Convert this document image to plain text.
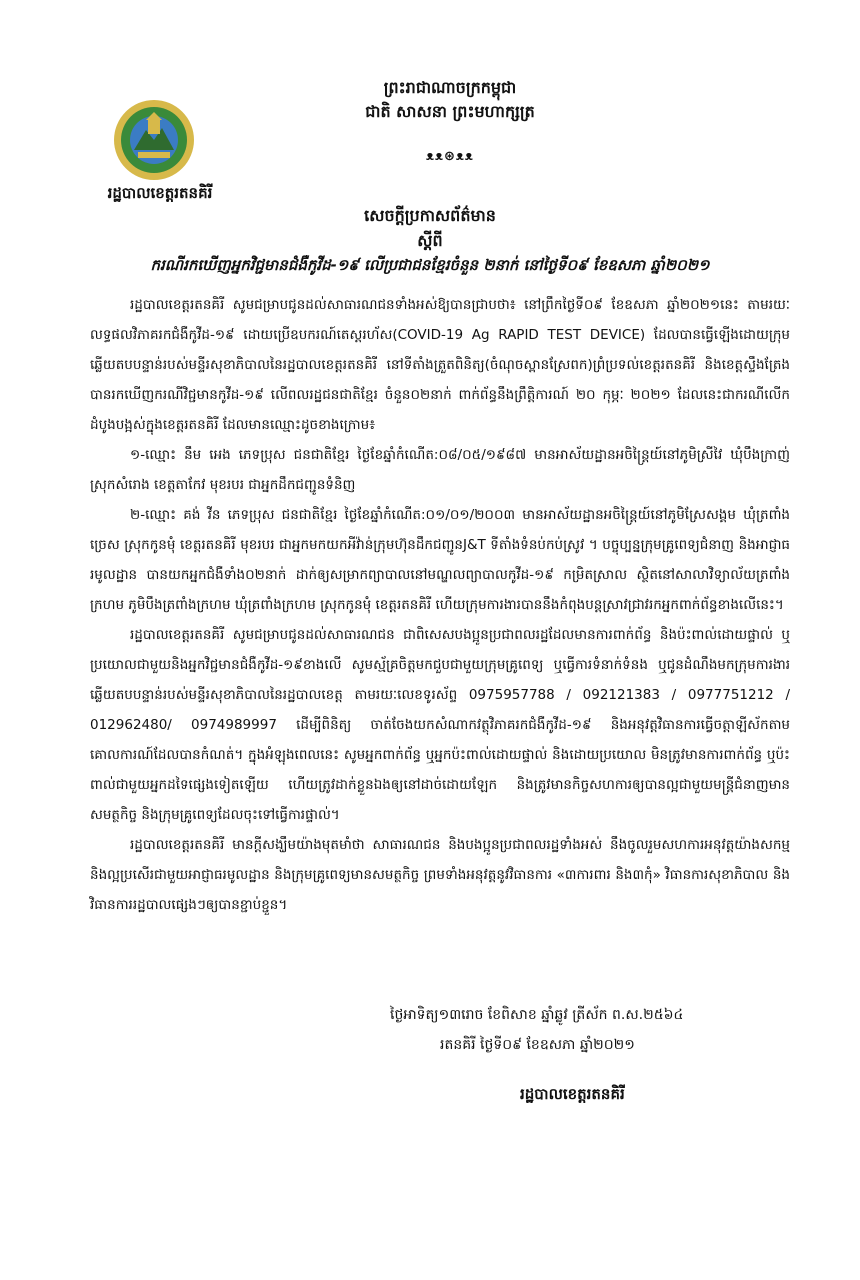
រដ្ឋបាលខេត្តរតនគិរី
ព្រះរាជាណាចក្រកម្ពុជា
ជាតិ សាសនា ព្រះមហាក្សត្រ
ᴥᴥ⊛ᴥᴥ
សេចក្តីប្រកាសព័ត៌មាន
ស្តីពី
ករណីរកឃើញអ្នកវិជ្ជមានជំងឺកូវីដ-១៩ លើប្រជាជនខ្មែរចំនួន ២នាក់ នៅថ្ងៃទី០៩ ខែឧសភា ឆ្នាំ២០២១

រដ្ឋបាលខេត្តរតនគិរី សូមជម្រាបជូនដល់សាធារណជនទាំងអស់ឱ្យបានជ្រាបថា៖ នៅព្រឹកថ្ងៃទី០៩ ខែឧសភា ឆ្នាំ២០២១នេះ តាមរយៈលទ្ធផលវិភាគរកជំងឺកូវីដ-១៩ ដោយប្រើឧបករណ៍តេស្តរហ័ស(COVID-19 Ag RAPID TEST DEVICE) ដែលបានធ្វើឡើងដោយក្រុមឆ្លើយតបបន្ទាន់របស់មន្ទីរសុខាភិបាលនៃរដ្ឋបាលខេត្តរតនគិរី នៅទីតាំងត្រួតពិនិត្យ(ចំណុចស្ពានស្រែពក)ព្រំប្រទល់ខេត្តរតនគិរី និងខេត្តស្ទឹងត្រែង បានរកឃើញករណីវិជ្ជមានកូវីដ-១៩ លើពលរដ្ឋជនជាតិខ្មែរ ចំនួន០២នាក់ ពាក់ព័ន្ធនឹងព្រឹត្តិការណ៍ ២០ កុម្ភៈ ២០២១ ដែលនេះជាករណីលើកដំបូងបង្អស់ក្នុងខេត្តរតនគិរី ដែលមានឈ្មោះដូចខាងក្រោម៖

១-ឈ្មោះ នឹម អេង ភេទប្រុស ជនជាតិខ្មែរ ថ្ងៃខែឆ្នាំកំណើត:០៨/០៥/១៩៨៧ មានអាស័យដ្ឋានអចិន្ត្រៃយ៍នៅភូមិស្រីវៃ ឃុំបឹងក្រាញ់ ស្រុកសំរោង ខេត្តតាកែវ មុខរបរ ជាអ្នកដឹកជញ្ជូនទំនិញ

២-ឈ្មោះ គង់ វីន ភេទប្រុស ជនជាតិខ្មែរ ថ្ងៃខែឆ្នាំកំណើត:០១/០១/២០០៣ មានអាស័យដ្ឋានអចិន្ត្រៃយ៍នៅភូមិស្រែសង្គម ឃុំត្រពាំងច្រេស ស្រុកកូនមុំ ខេត្តរតនគិរី មុខរបរ ជាអ្នកមកយកអីវ៉ាន់ក្រុមហ៊ុនដឹកជញ្ជូនJ&T ទីតាំងទំនប់កប់ស្រូវ ។ បច្ចុប្បន្នក្រុមគ្រូពេទ្យជំនាញ និងអាជ្ញាធរមូលដ្ឋាន បានយកអ្នកជំងឺទាំង០២នាក់ ដាក់ឲ្យសម្រាកព្យាបាលនៅមណ្ឌលព្យាបាលកូវីដ-១៩ កម្រិតស្រាល ស្ថិតនៅសាលាវិទ្យាល័យត្រពាំងក្រហម ភូមិបឹងត្រពាំងក្រហម ឃុំត្រពាំងក្រហម ស្រុកកូនមុំ ខេត្តរតនគិរី ហើយក្រុមការងារបាននឹងកំពុងបន្តស្រាវជ្រាវរកអ្នកពាក់ព័ន្ធខាងលើនេះ។

រដ្ឋបាលខេត្តរតនគិរី សូមជម្រាបជូនដល់សាធារណជន ជាពិសេសបងប្អូនប្រជាពលរដ្ឋដែលមានការពាក់ព័ន្ធ និងប៉ះពាល់ដោយផ្ទាល់ ឬប្រយោលជាមួយនិងអ្នកវិជ្ជមានជំងឺកូវីដ-១៩ខាងលើ សូមស្ម័គ្រចិត្តមកជួបជាមួយក្រុមគ្រូពេទ្យ ឬធ្វើការទំនាក់ទំនង ឬជូនដំណឹងមកក្រុមការងារឆ្លើយតបបន្ទាន់របស់មន្ទីរសុខាភិបាលនៃរដ្ឋបាលខេត្ត តាមរយៈលេខទូរស័ព្ទ 0975957788 / 092121383 / 0977751212 / 012962480/ 0974989997 ដើម្បីពិនិត្យ ចាត់ចែងយកសំណាកវត្ថុវិភាគរកជំងឺកូវីដ-១៩ និងអនុវត្តវិធានការធ្វើចត្តាឡីស័កតាមគោលការណ៍ដែលបានកំណត់។ ក្នុងអំឡុងពេលនេះ សូមអ្នកពាក់ព័ន្ធ ឬអ្នកប៉ះពាល់ដោយផ្ទាល់ និងដោយប្រយោល មិនត្រូវមានការពាក់ព័ន្ធ ឬប៉ះពាល់ជាមួយអ្នកដទៃផ្សេងទៀតឡើយ ហើយត្រូវដាក់ខ្លួនឯងឲ្យនៅដាច់ដោយឡែក និងត្រូវមានកិច្ចសហការឲ្យបានល្អជាមួយមន្ត្រីជំនាញមានសមត្ថកិច្ច និងក្រុមគ្រូពេទ្យដែលចុះទៅធ្វើការផ្ទាល់។

រដ្ឋបាលខេត្តរតនគិរី មានក្តីសង្ឃឹមយ៉ាងមុតមាំថា សាធារណជន និងបងប្អូនប្រជាពលរដ្ឋទាំងអស់ នឹងចូលរួមសហការអនុវត្តយ៉ាងសកម្ម និងល្អប្រសើរជាមួយអាជ្ញាធរមូលដ្ឋាន និងក្រុមគ្រូពេទ្យមានសមត្ថកិច្ច ព្រមទាំងអនុវត្តនូវវិធានការ «៣ការពារ និង៣កុំ» វិធានការសុខាភិបាល និងវិធានការរដ្ឋបាលផ្សេងៗឲ្យបានខ្ជាប់ខ្ជួន។

ថ្ងៃអាទិត្យ១៣រោច ខែពិសាខ ឆ្នាំឆ្លូវ ត្រីស័ក ព.ស.២៥៦៤
រតនគិរី ថ្ងៃទី០៩ ខែឧសភា ឆ្នាំ២០២១
រដ្ឋបាលខេត្តរតនគិរី
